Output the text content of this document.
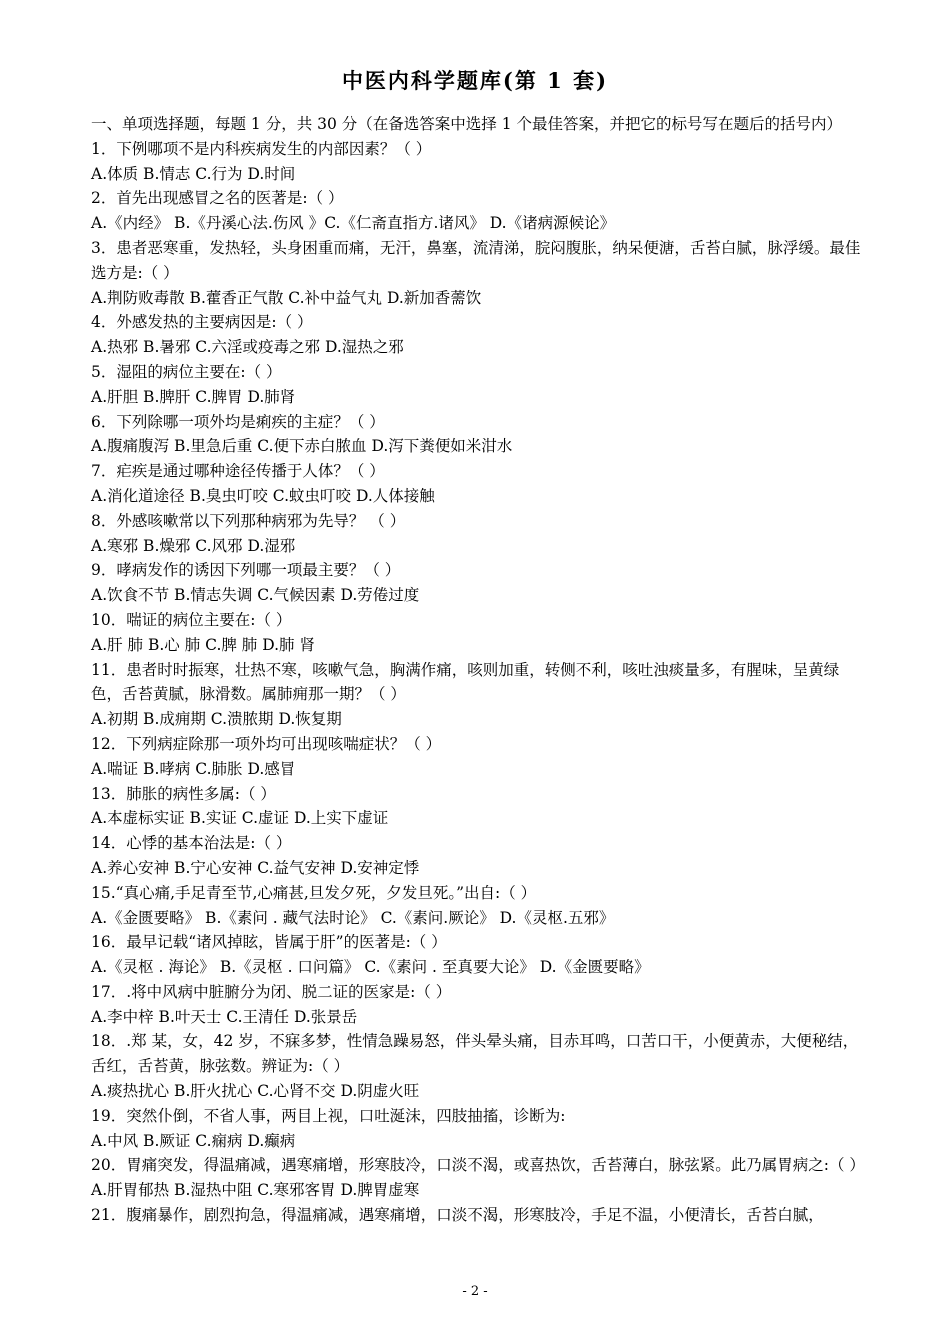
中医内科学题库(第 1 套)
一、单项选择题，每题 1 分，共 30 分（在备选答案中选择 1 个最佳答案，并把它的标号写在题后的括号内）
1．下例哪项不是内科疾病发生的内部因素？（ ）
A.体质 B.情志 C.行为 D.时间
2．首先出现感冒之名的医著是:（ ）
A.《内经》 B.《丹溪心法.伤风 》C.《仁斋直指方.诸风》 D.《诸病源候论》
3．患者恶寒重，发热轻，头身困重而痛，无汗，鼻塞，流清涕，脘闷腹胀，纳呆便溏，舌苔白腻，脉浮缓。最佳选方是:（ ）
A.荆防败毒散 B.藿香正气散 C.补中益气丸 D.新加香薷饮
4．外感发热的主要病因是:（ ）
A.热邪 B.暑邪 C.六淫或疫毒之邪 D.湿热之邪
5．湿阻的病位主要在:（ ）
A.肝胆 B.脾肝 C.脾胃 D.肺肾
6．下列除哪一项外均是痢疾的主症？（ ）
A.腹痛腹泻 B.里急后重 C.便下赤白脓血 D.泻下粪便如米泔水
7．疟疾是通过哪种途径传播于人体？（ ）
A.消化道途径 B.臭虫叮咬 C.蚊虫叮咬 D.人体接触
8．外感咳嗽常以下列那种病邪为先导？ （ ）
A.寒邪 B.燥邪 C.风邪 D.湿邪
9．哮病发作的诱因下列哪一项最主要？（ ）
A.饮食不节 B.情志失调 C.气候因素 D.劳倦过度
10．喘证的病位主要在:（ ）
A.肝 肺 B.心 肺 C.脾 肺 D.肺 肾
11．患者时时振寒，壮热不寒，咳嗽气急，胸满作痛，咳则加重，转侧不利，咳吐浊痰量多，有腥味，呈黄绿色，舌苔黄腻，脉滑数。属肺痈那一期？（ ）
A.初期 B.成痈期 C.溃脓期 D.恢复期
12．下列病症除那一项外均可出现咳喘症状？（ ）
A.喘证 B.哮病 C.肺胀 D.感冒
13．肺胀的病性多属:（ ）
A.本虚标实证 B.实证 C.虚证 D.上实下虚证
14．心悸的基本治法是:（ ）
A.养心安神 B.宁心安神 C.益气安神 D.安神定悸
15.“真心痛,手足青至节,心痛甚,旦发夕死，夕发旦死。”出自:（ ）
A.《金匮要略》 B.《素问 . 藏气法时论》 C.《素问.厥论》 D.《灵枢.五邪》
16．最早记载“诸风掉眩，皆属于肝”的医著是:（ ）
A.《灵枢 . 海论》 B.《灵枢 . 口问篇》 C.《素问 . 至真要大论》 D.《金匮要略》
17．.将中风病中脏腑分为闭、脱二证的医家是:（ ）
A.李中梓 B.叶天士 C.王清任 D.张景岳
18．.郑 某，女，42 岁，不寐多梦，性情急躁易怒，伴头晕头痛，目赤耳鸣，口苦口干，小便黄赤，大便秘结，舌红，舌苔黄，脉弦数。辨证为:（ ）
A.痰热扰心 B.肝火扰心 C.心肾不交 D.阴虚火旺
19．突然仆倒，不省人事，两目上视，口吐涎沫，四肢抽搐，诊断为:
A.中风 B.厥证 C.痫病 D.癫病
20．胃痛突发，得温痛减，遇寒痛增，形寒肢冷，口淡不渴，或喜热饮，舌苔薄白，脉弦紧。此乃属胃病之:（ ）
A.肝胃郁热 B.湿热中阻 C.寒邪客胃 D.脾胃虚寒
21．腹痛暴作，剧烈拘急，得温痛减，遇寒痛增，口淡不渴，形寒肢冷，手足不温，小便清长，舌苔白腻，
- 2 -
